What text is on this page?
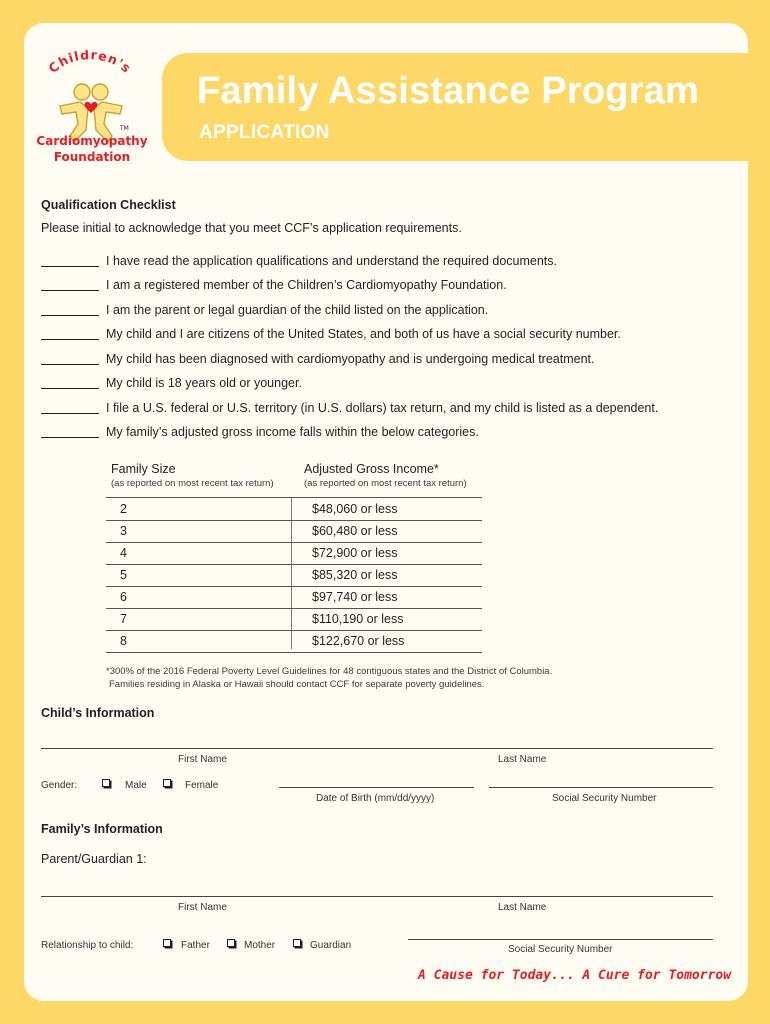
Children's
TM
Cardiomyopathy
Foundation
Family Assistance Program
APPLICATION
Qualification Checklist
Please initial to acknowledge that you meet CCF’s application requirements.
I have read the application qualifications and understand the required documents.
I am a registered member of the Children’s Cardiomyopathy Foundation.
I am the parent or legal guardian of the child listed on the application.
My child and I are citizens of the United States, and both of us have a social security number.
My child has been diagnosed with cardiomyopathy and is undergoing medical treatment.
My child is 18 years old or younger.
I file a U.S. federal or U.S. territory (in U.S. dollars) tax return, and my child is listed as a dependent.
My family’s adjusted gross income falls within the below categories.
Family Size
(as reported on most recent tax return)
Adjusted Gross Income*
(as reported on most recent tax return)
2	$48,060 or less
3	$60,480 or less
4	$72,900 or less
5	$85,320 or less
6	$97,740 or less
7	$110,190 or less
8	$122,670 or less
*300% of the 2016 Federal Poverty Level Guidelines for 48 contiguous states and the District of Columbia.
Families residing in Alaska or Hawaii should contact CCF for separate poverty guidelines.
Child’s Information
First Name	Last Name
Gender:	Male	Female
Date of Birth (mm/dd/yyyy)	Social Security Number
Family’s Information
Parent/Guardian 1:
First Name	Last Name
Relationship to child:	Father	Mother	Guardian	Social Security Number
A Cause for Today... A Cure for Tomorrow
